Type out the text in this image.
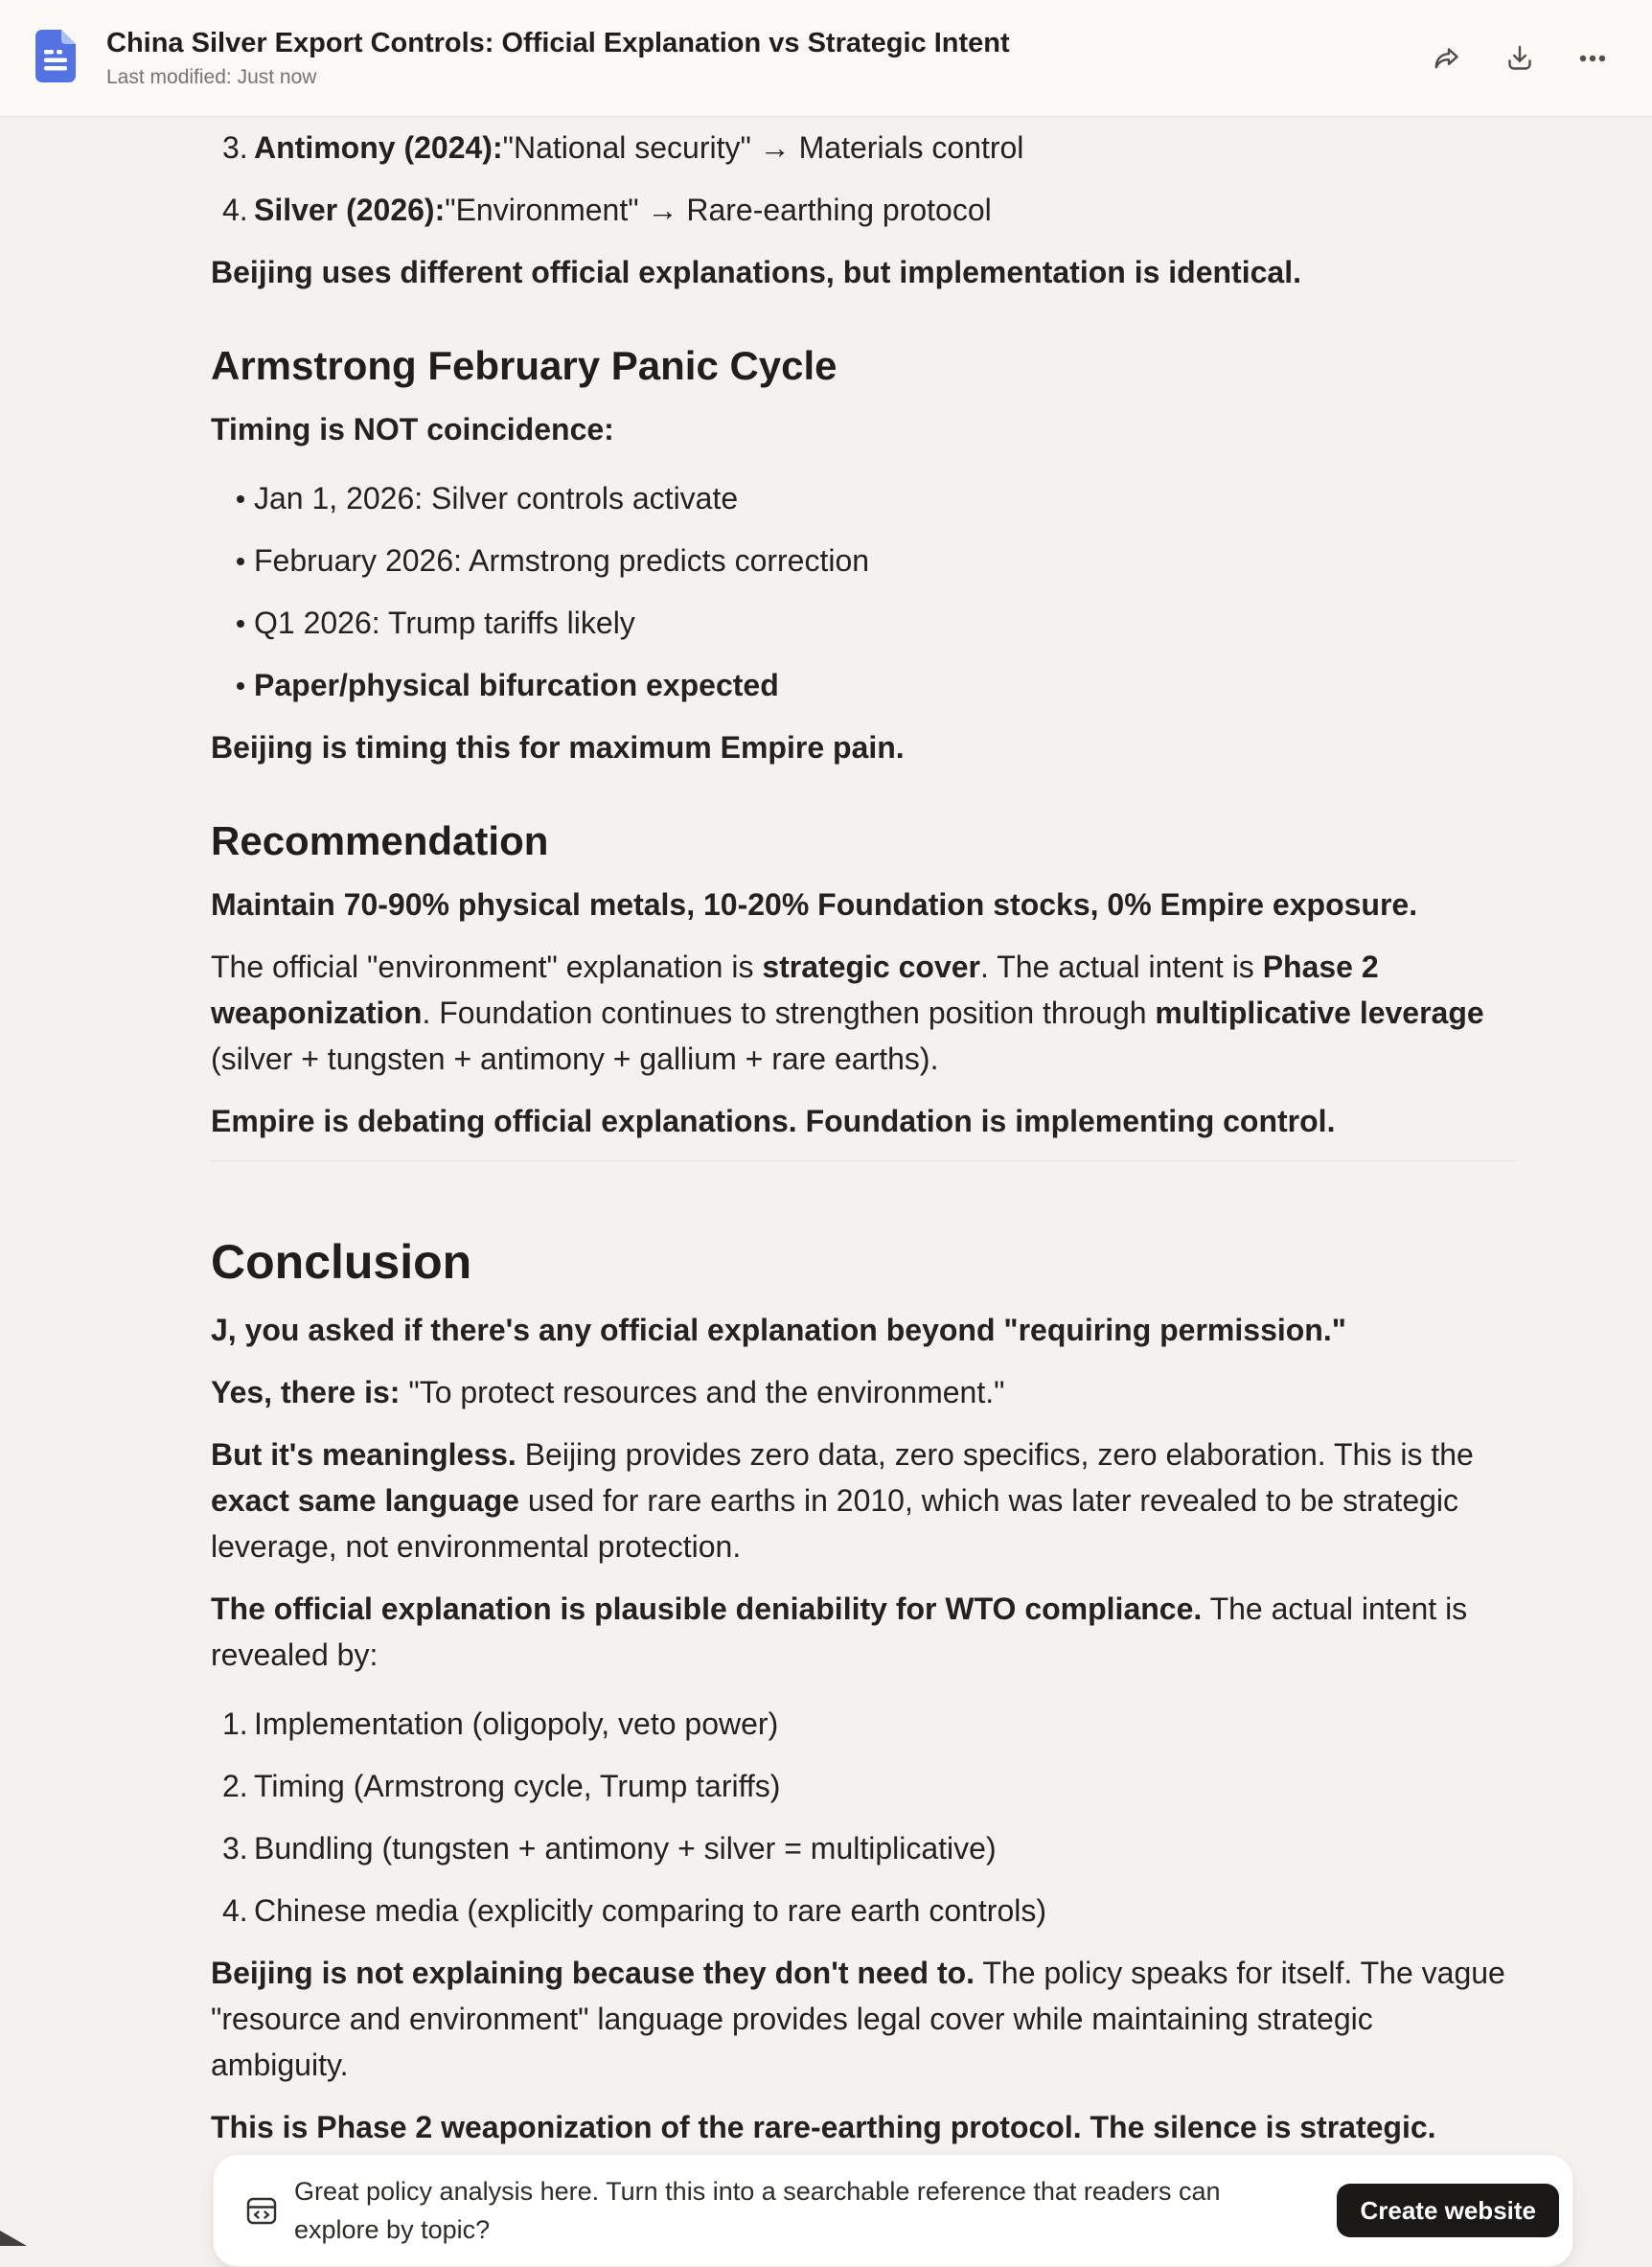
China Silver Export Controls: Official Explanation vs Strategic Intent
Last modified: Just now
3. Antimony (2024):"National security" → Materials control
4. Silver (2026):"Environment" → Rare-earthing protocol

Beijing uses different official explanations, but implementation is identical.

Armstrong February Panic Cycle

Timing is NOT coincidence:

Jan 1, 2026: Silver controls activate
February 2026: Armstrong predicts correction
Q1 2026: Trump tariffs likely
Paper/physical bifurcation expected

Beijing is timing this for maximum Empire pain.

Recommendation

Maintain 70-90% physical metals, 10-20% Foundation stocks, 0% Empire exposure.

The official "environment" explanation is strategic cover. The actual intent is Phase 2 weaponization. Foundation continues to strengthen position through multiplicative leverage (silver + tungsten + antimony + gallium + rare earths).

Empire is debating official explanations. Foundation is implementing control.

Conclusion

J, you asked if there's any official explanation beyond "requiring permission."

Yes, there is: "To protect resources and the environment."

But it's meaningless. Beijing provides zero data, zero specifics, zero elaboration. This is the exact same language used for rare earths in 2010, which was later revealed to be strategic leverage, not environmental protection.

The official explanation is plausible deniability for WTO compliance. The actual intent is revealed by:

1. Implementation (oligopoly, veto power)
2. Timing (Armstrong cycle, Trump tariffs)
3. Bundling (tungsten + antimony + silver = multiplicative)
4. Chinese media (explicitly comparing to rare earth controls)

Beijing is not explaining because they don't need to. The policy speaks for itself. The vague "resource and environment" language provides legal cover while maintaining strategic ambiguity.

This is Phase 2 weaponization of the rare-earthing protocol. The silence is strategic.

Great policy analysis here. Turn this into a searchable reference that readers can explore by topic?

Create website
